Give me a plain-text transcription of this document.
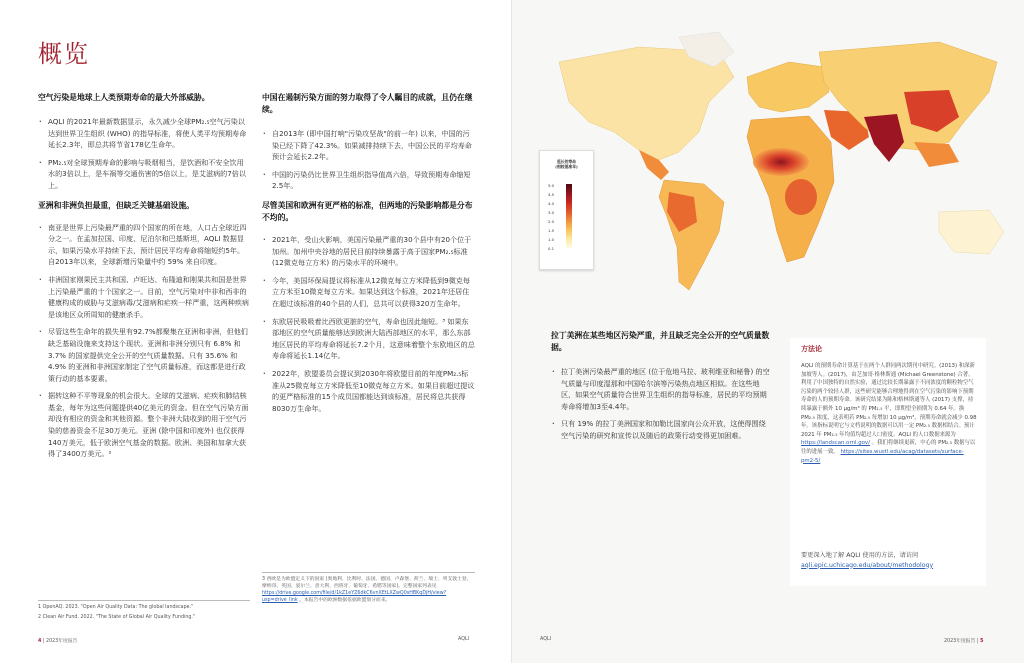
概览
空气污染是地球上人类预期寿命的最大外部威胁。
· AQLI 的2021年最新数据显示，永久减少全球PM₂.₅空气污染以达到世界卫生组织 (WHO) 的指导标准，将使人类平均预期寿命延长2.3年，即总共将节省178亿生命年。
· PM₂.₅对全球预期寿命的影响与吸烟相当，是饮酒和不安全饮用水的3倍以上，是车祸等交通伤害的5倍以上，是艾滋病的7倍以上。
亚洲和非洲负担最重，但缺乏关键基础设施。
· 南亚是世界上污染最严重的四个国家的所在地，人口占全球近四分之一。在孟加拉国、印度、尼泊尔和巴基斯坦，AQLI 数据显示，如果污染水平持续下去，预计居民平均寿命将缩短约5年。自2013年以来，全球新增污染量中约 59% 来自印度。
· 非洲国家刚果民主共和国、卢旺达、布隆迪和刚果共和国是世界上污染最严重的十个国家之一。目前，空气污染对中非和西非的健康构成的威胁与艾滋病毒/艾滋病和疟疾一样严重，这两种疾病是该地区众所周知的健康杀手。
· 尽管这些生命年的损失里有92.7%都聚集在亚洲和非洲，但他们缺乏基础设施来支持这个现状。亚洲和非洲分别只有 6.8% 和 3.7% 的国家提供完全公开的空气质量数据。只有 35.6% 和 4.9% 的亚洲和非洲国家制定了空气质量标准，而这都是进行政策行动的基本要素。
· 据转这种不平等现象的机会很大。全球的艾滋病、疟疾和肺结核基金，每年为这些问题提供40亿美元的资金。但在空气污染方面却没有相应的资金和其他资源。整个非洲大陆收到的用于空气污染的慈善资金不足30万美元。亚洲 (除中国和印度外) 也仅获得140万美元，低于欧洲空气基金的数据。欧洲、美国和加拿大获得了3400万美元。²
中国在遏制污染方面的努力取得了令人瞩目的成就，且仍在继续。
· 自2013年 (即中国打响"污染攻坚战"的前一年) 以来，中国的污染已经下降了42.3%。如果减排持续下去，中国公民的平均寿命预计会延长2.2年。
· 中国的污染仍比世界卫生组织指导值高六倍，导致预期寿命缩短2.5年。
尽管美国和欧洲有更严格的标准，但两地的污染影响都是分布不均的。
· 2021年，受山火影响，美国污染最严重的30个县中有20个位于加州。加州中央谷地的居民目前持续暴露于高于国家PM₂.₅标准 (12微克每立方米) 的污染水平的环境中。
· 今年，美国环保局提议将标准从12微克每立方米降低到9微克每立方米至10微克每立方米。如果达到这个标准，2021年还居住在超过该标准的40个县的人们，总共可以获得320万生命年。
· 东欧居民吸吸着比西欧更脏的空气，寿命也因此缩短。³ 如果东部地区的空气质量能够达到欧洲大陆西部地区的水平，那么东部地区居民的平均寿命将延长7.2个月，这意味着整个东欧地区的总寿命将延长1.14亿年。
· 2022年，欧盟委员会提议到2030年将欧盟目前的年度PM₂.₅标准从25微克每立方米降低至10微克每立方米。如果目前超过提议的更严格标准的15个成员国都能达到该标准，居民将总共获得8030万生命年。
延长的寿命
(相较基准年)
5.0
4.5
4.0
3.0
2.0
1.5
1.0
0.1
拉丁美洲在某些地区污染严重，并且缺乏完全公开的空气质量数据。
· 拉丁美洲污染最严重的地区 (位于危地马拉、玻利维亚和秘鲁) 的空气质量与印度湿那和中国哈尔滨等污染热点地区相似。在这些地区，如果空气质量符合世界卫生组织的指导标准，居民的平均预期寿命将增加3至4.4年。
· 只有 19% 的拉丁美洲国家和加勒比国家向公众开放，这使得围绕空气污染的研究和宣传以及随后的政策行动变得更加困难。
方法论
AQLI 的预期寿命计算基于在两个人群同两次期刊中研究。(2013) 和深新加坡等人。(2017)，由芝加哥·格林斯通 (Michael Greenstone) 合著。利用了中国独特的自然实验，通过比较长期暴露于不同浓度的颗粒物空气污染的两个较轻人群，这些研究能够合理地得到在空气污染的影响下预期寿命的人的预期寿命。该研究结果为陈和格林斯通等人 (2017) 支撑，持续暴露于额外 10 μg/m³ 的 PM₂.₅ 平，即期望全损期为 0.64 年。换 PM₂.₅ 浓度，这表明若 PM₂.₅ 每增加 10 μg/m³，预期寿命就会减少 0.98 年。该指标说明它与文档说明的数据可以用一定 PM₂.₅ 数据相结合。预计 2021 年 PM₂.₅ 年均值均超过人口密度。AQLI 的人口数据来源为 https://landscan.ornl.gov/ 。我们将继续更新，中心的 PM₂.₅ 数据与以往的进展一致。 https://sites.wustl.edu/acag/datasets/surface-pm2-5/
要更深入地了解 AQLI 使用的方法，请访问 aqli.epic.uchicago.edu/about/methodology
1 OpenAQ. 2023. "Open Air Quality Data: The global landscape."
2 Clean Air Fund. 2022. "The State of Global Air Quality Funding."
3 西欧是为欧盟定义下的国家 (奥地利、比利时、法国、德国、卢森堡、荷兰、瑞士、列支敦士登、摩纳哥、英国、爱尔兰、意大利、西班牙、葡萄牙、希腊等国家)。完整国家列表见 https://drive.google.com/file/d/1kZ1eYZ6dkC6vnXEtLXZwQ0sHBKqDjH/view?usp=drive_link 。本报告中的欧洲数据依据欧盟划分而来。
4 | 2023年度报告	AQLI	AQLI	2023年度报告 | 5
